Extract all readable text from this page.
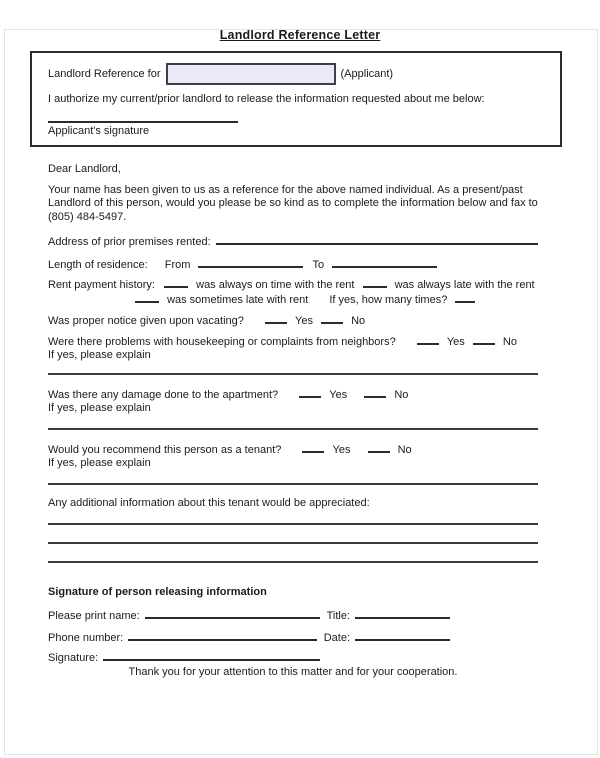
Landlord Reference Letter
Landlord Reference for	(Applicant)
I authorize my current/prior landlord to release the information requested about me below:
Applicant's signature
Dear Landlord,
Your name has been given to us as a reference for the above named individual. As a present/past
Landlord of this person, would you please be so kind as to complete the information below and fax to
(805) 484-5497.
Address of prior premises rented:
Length of residence: From	To
Rent payment history:	was always on time with the rent	was always late with the rent
was sometimes late with rent If yes, how many times?
Was proper notice given upon vacating?	Yes	No
Were there problems with housekeeping or complaints from neighbors?	Yes	No
If yes, please explain
Was there any damage done to the apartment?	Yes	No
If yes, please explain
Would you recommend this person as a tenant?	Yes	No
If yes, please explain
Any additional information about this tenant would be appreciated:
Signature of person releasing information
Please print name:	Title:
Phone number:	Date:
Signature:
Thank you for your attention to this matter and for your cooperation.
